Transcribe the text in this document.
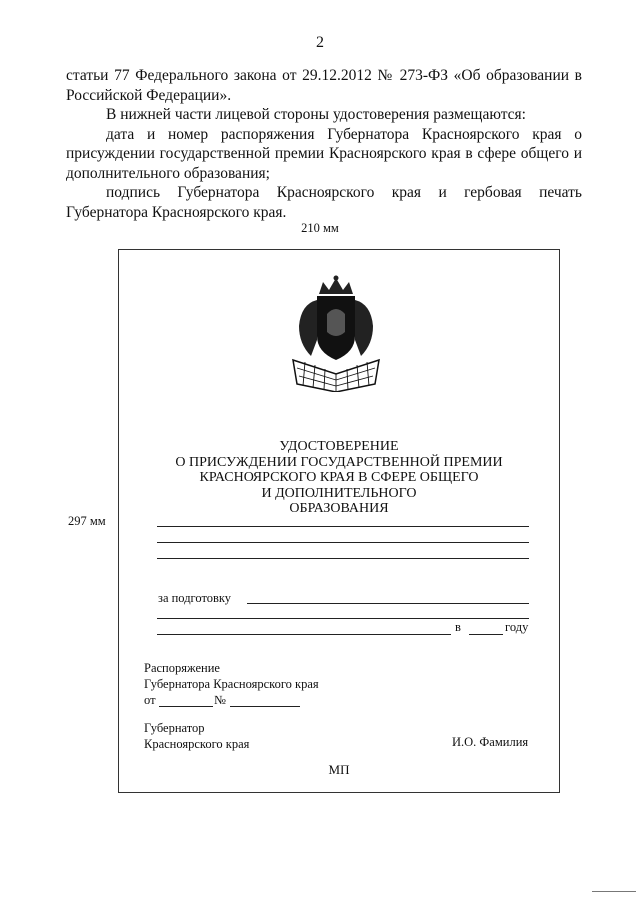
2

статьи 77 Федерального закона от 29.12.2012 № 273-ФЗ «Об образовании в Российской Федерации».

В нижней части лицевой стороны удостоверения размещаются:

дата и номер распоряжения Губернатора Красноярского края о присуждении государственной премии Красноярского края в сфере общего и дополнительного образования;

подпись Губернатора Красноярского края и гербовая печать Губернатора Красноярского края.

210 мм
297 мм
УДОСТОВЕРЕНИЕ
О ПРИСУЖДЕНИИ ГОСУДАРСТВЕННОЙ ПРЕМИИ
КРАСНОЯРСКОГО КРАЯ В СФЕРЕ ОБЩЕГО
И ДОПОЛНИТЕЛЬНОГО
ОБРАЗОВАНИЯ
за подготовку
в	году
Распоряжение
Губернатора Красноярского края
от	№
Губернатор
Красноярского края	И.О. Фамилия
МП
